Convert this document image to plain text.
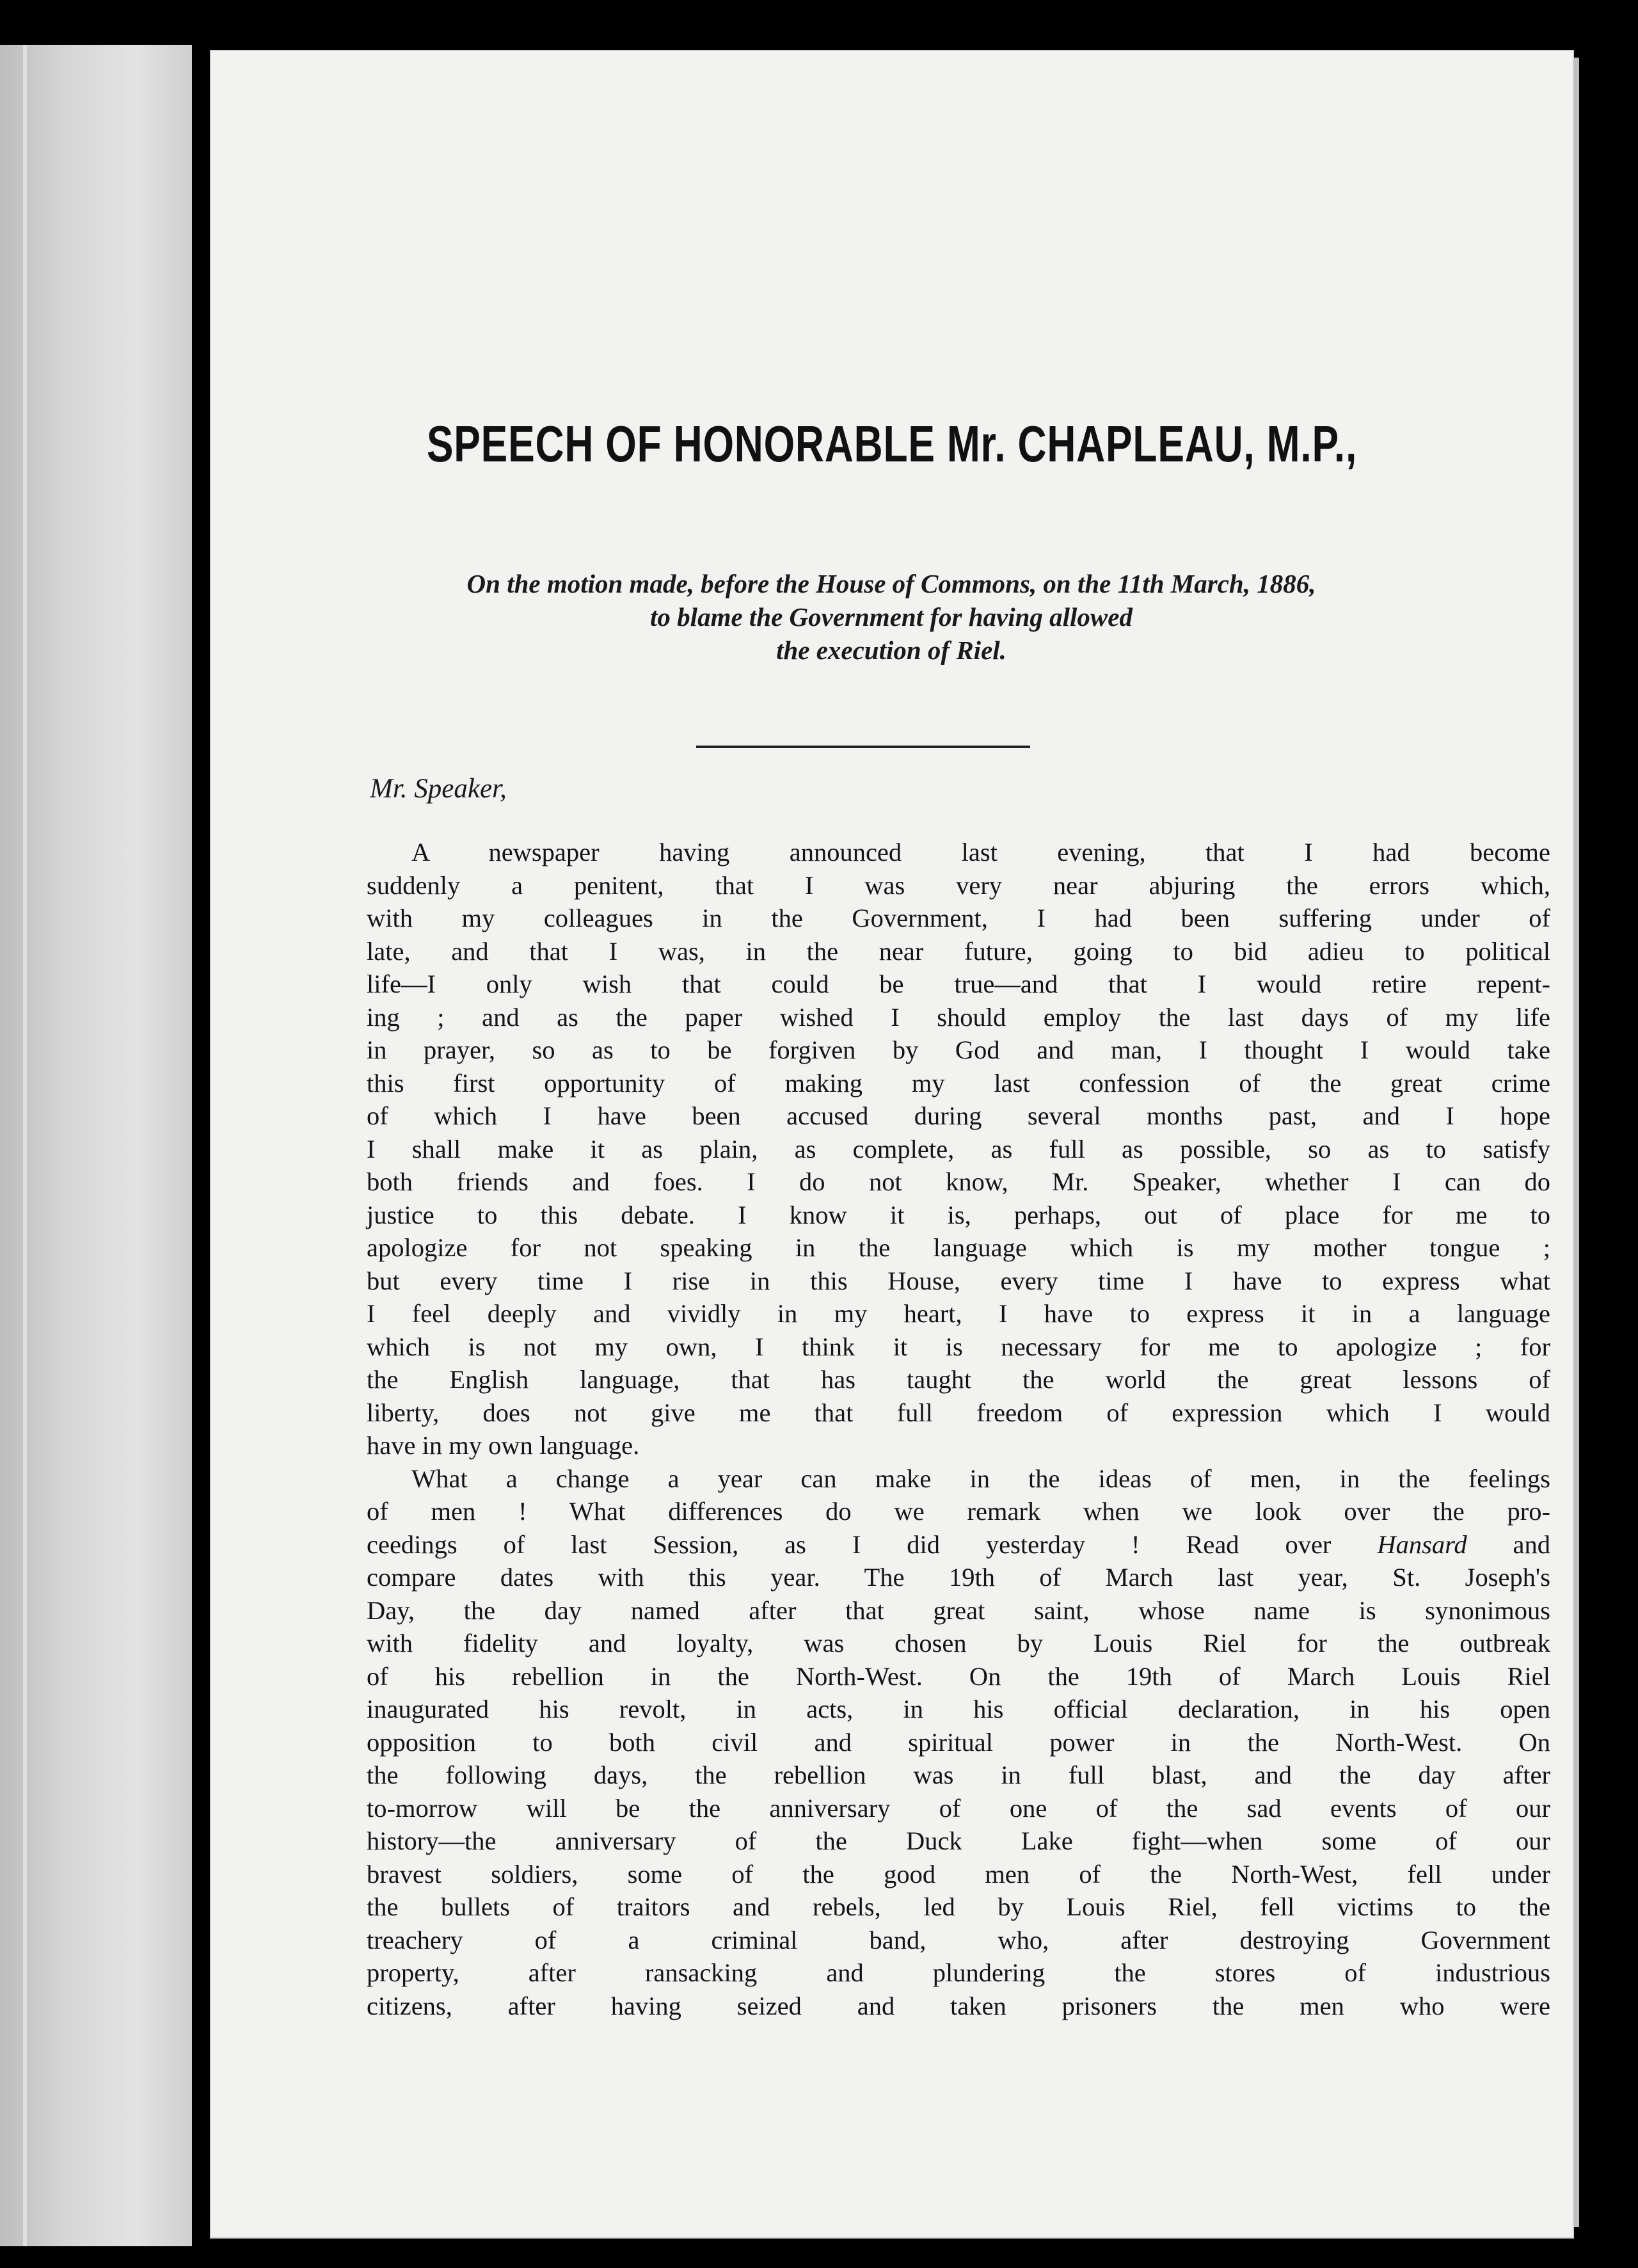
SPEECH OF HONORABLE Mr. CHAPLEAU, M.P.,
On the motion made, before the House of Commons, on the 11th March, 1886,
to blame the Government for having allowed
the execution of Riel.
Mr. Speaker,
A newspaper having announced last evening, that I had become
suddenly a penitent, that I was very near abjuring the errors which,
with my colleagues in the Government, I had been suffering under of
late, and that I was, in the near future, going to bid adieu to political
life—I only wish that could be true—and that I would retire repent-
ing ; and as the paper wished I should employ the last days of my life
in prayer, so as to be forgiven by God and man, I thought I would take
this first opportunity of making my last confession of the great crime
of which I have been accused during several months past, and I hope
I shall make it as plain, as complete, as full as possible, so as to satisfy
both friends and foes. I do not know, Mr. Speaker, whether I can do
justice to this debate. I know it is, perhaps, out of place for me to
apologize for not speaking in the language which is my mother tongue ;
but every time I rise in this House, every time I have to express what
I feel deeply and vividly in my heart, I have to express it in a language
which is not my own, I think it is necessary for me to apologize ; for
the English language, that has taught the world the great lessons of
liberty, does not give me that full freedom of expression which I would
have in my own language.
What a change a year can make in the ideas of men, in the feelings
of men ! What differences do we remark when we look over the pro-
ceedings of last Session, as I did yesterday ! Read over Hansard and
compare dates with this year. The 19th of March last year, St. Joseph's
Day, the day named after that great saint, whose name is synonimous
with fidelity and loyalty, was chosen by Louis Riel for the outbreak
of his rebellion in the North-West. On the 19th of March Louis Riel
inaugurated his revolt, in acts, in his official declaration, in his open
opposition to both civil and spiritual power in the North-West. On
the following days, the rebellion was in full blast, and the day after
to-morrow will be the anniversary of one of the sad events of our
history—the anniversary of the Duck Lake fight—when some of our
bravest soldiers, some of the good men of the North-West, fell under
the bullets of traitors and rebels, led by Louis Riel, fell victims to the
treachery of a criminal band, who, after destroying Government
property, after ransacking and plundering the stores of industrious
citizens, after having seized and taken prisoners the men who were
